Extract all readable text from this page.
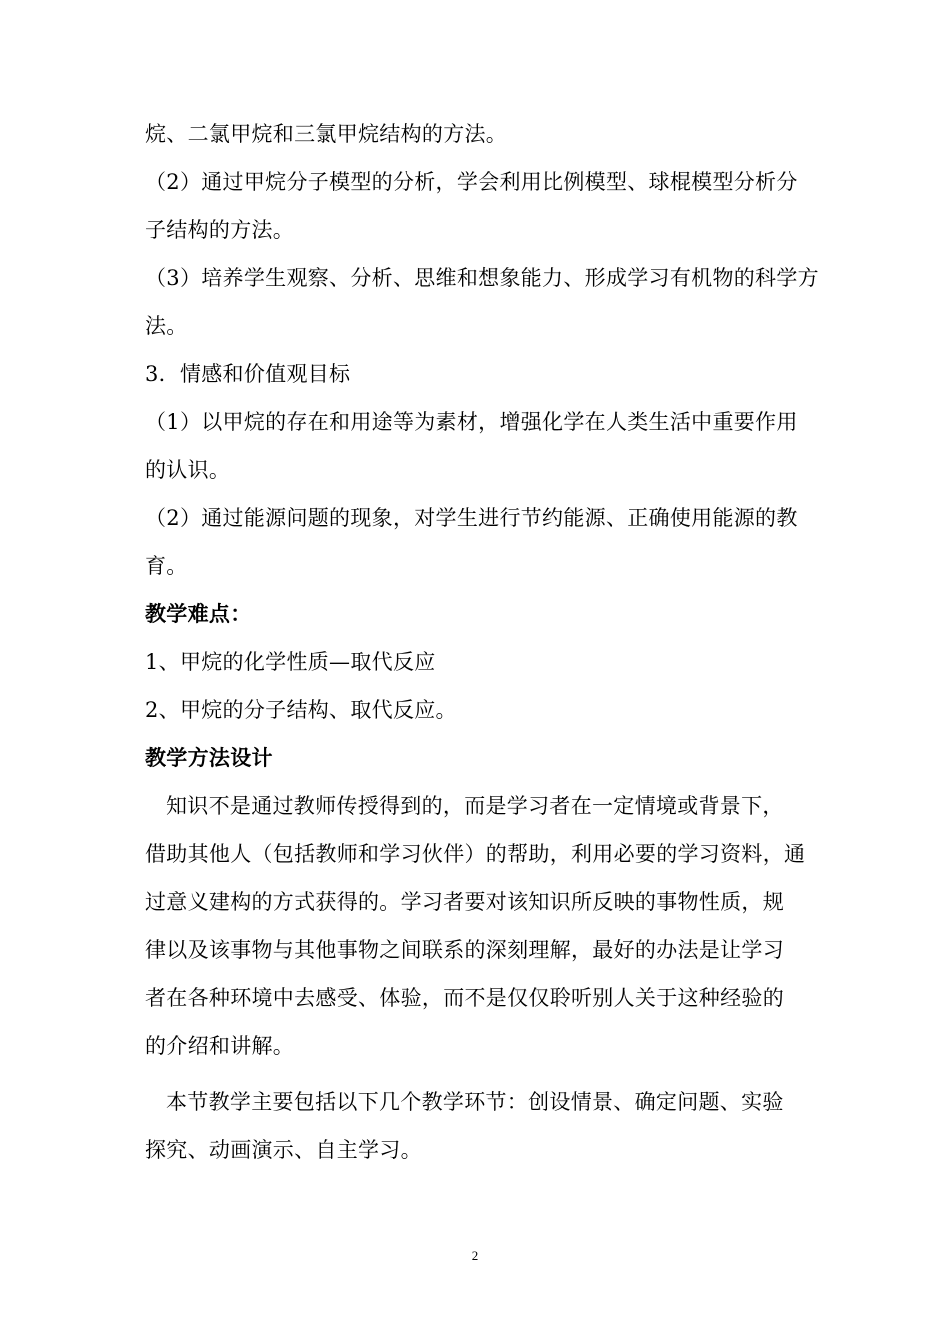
烷、二氯甲烷和三氯甲烷结构的方法。
（2）通过甲烷分子模型的分析，学会利用比例模型、球棍模型分析分
子结构的方法。
（3）培养学生观察、分析、思维和想象能力、形成学习有机物的科学方
法。
3．情感和价值观目标
（1）以甲烷的存在和用途等为素材，增强化学在人类生活中重要作用
的认识。
（2）通过能源问题的现象，对学生进行节约能源、正确使用能源的教
育。
教学难点：
1、甲烷的化学性质—取代反应
2、甲烷的分子结构、取代反应。
教学方法设计
知识不是通过教师传授得到的，而是学习者在一定情境或背景下，
借助其他人（包括教师和学习伙伴）的帮助，利用必要的学习资料，通
过意义建构的方式获得的。学习者要对该知识所反映的事物性质，规
律以及该事物与其他事物之间联系的深刻理解，最好的办法是让学习
者在各种环境中去感受、体验，而不是仅仅聆听别人关于这种经验的
的介绍和讲解。
本节教学主要包括以下几个教学环节：创设情景、确定问题、实验
探究、动画演示、自主学习。
2
